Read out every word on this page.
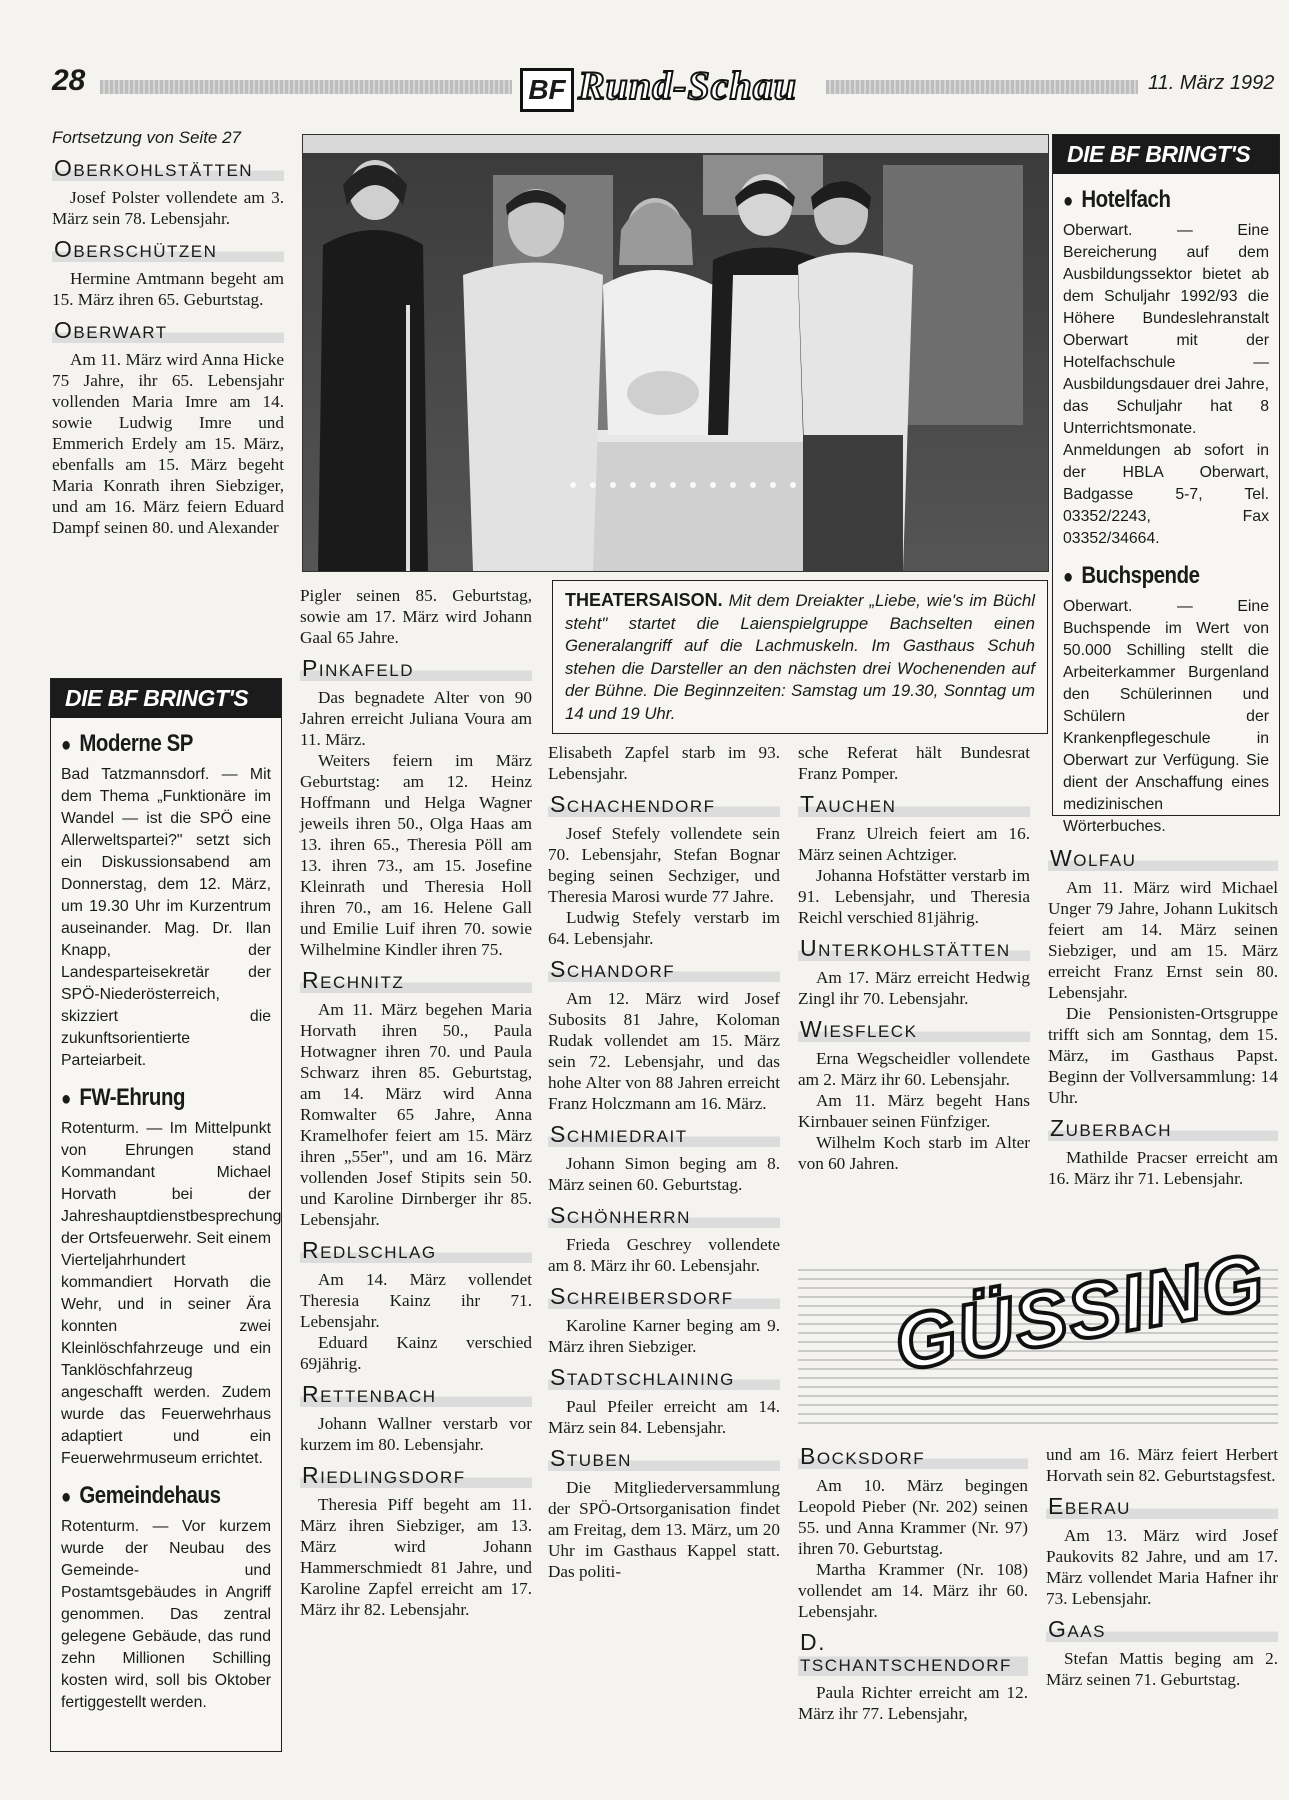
28	BF Rund-Schau	11. März 1992
Fortsetzung von Seite 27
OBERKOHLSTÄTTEN

Josef Polster vollendete am 3. März sein 78. Lebensjahr.

OBERSCHÜTZEN

Hermine Amtmann begeht am 15. März ihren 65. Geburtstag.

OBERWART

Am 11. März wird Anna Hicke 75 Jahre, ihr 65. Lebensjahr vollenden Maria Imre am 14. sowie Ludwig Imre und Emmerich Erdely am 15. März, ebenfalls am 15. März begeht Maria Konrath ihren Siebziger, und am 16. März feiern Eduard Dampf seinen 80. und Alexander

DIE BF BRINGT'S
● Moderne SP
Bad Tatzmannsdorf. — Mit dem Thema „Funktionäre im Wandel — ist die SPÖ eine Allerweltspartei?" setzt sich ein Diskussionsabend am Donnerstag, dem 12. März, um 19.30 Uhr im Kurzentrum auseinander. Mag. Dr. Ilan Knapp, der Landesparteisekretär der SPÖ-Niederösterreich, skizziert die zukunftsorientierte Parteiarbeit.
● FW-Ehrung
Rotenturm. — Im Mittelpunkt von Ehrungen stand Kommandant Michael Horvath bei der Jahreshauptdienstbesprechung der Ortsfeuerwehr. Seit einem Vierteljahrhundert kommandiert Horvath die Wehr, und in seiner Ära konnten zwei Kleinlöschfahrzeuge und ein Tanklöschfahrzeug angeschafft werden. Zudem wurde das Feuerwehrhaus adaptiert und ein Feuerwehrmuseum errichtet.
● Gemeindehaus
Rotenturm. — Vor kurzem wurde der Neubau des Gemeinde- und Postamtsgebäudes in Angriff genommen. Das zentral gelegene Gebäude, das rund zehn Millionen Schilling kosten wird, soll bis Oktober fertiggestellt werden.
THEATERSAISON. Mit dem Dreiakter „Liebe, wie's im Büchl steht" startet die Laienspielgruppe Bachselten einen Generalangriff auf die Lachmuskeln. Im Gasthaus Schuh stehen die Darsteller an den nächsten drei Wochenenden auf der Bühne. Die Beginnzeiten: Samstag um 19.30, Sonntag um 14 und 19 Uhr.

Pigler seinen 85. Geburtstag, sowie am 17. März wird Johann Gaal 65 Jahre.

PINKAFELD

Das begnadete Alter von 90 Jahren erreicht Juliana Voura am 11. März.

Weiters feiern im März Geburtstag: am 12. Heinz Hoffmann und Helga Wagner jeweils ihren 50., Olga Haas am 13. ihren 65., Theresia Pöll am 13. ihren 73., am 15. Josefine Kleinrath und Theresia Holl ihren 70., am 16. Helene Gall und Emilie Luif ihren 70. sowie Wilhelmine Kindler ihren 75.

RECHNITZ

Am 11. März begehen Maria Horvath ihren 50., Paula Hotwagner ihren 70. und Paula Schwarz ihren 85. Geburtstag, am 14. März wird Anna Romwalter 65 Jahre, Anna Kramelhofer feiert am 15. März ihren „55er", und am 16. März vollenden Josef Stipits sein 50. und Karoline Dirnberger ihr 85. Lebensjahr.

REDLSCHLAG

Am 14. März vollendet Theresia Kainz ihr 71. Lebensjahr.

Eduard Kainz verschied 69jährig.

RETTENBACH

Johann Wallner verstarb vor kurzem im 80. Lebensjahr.

RIEDLINGSDORF

Theresia Piff begeht am 11. März ihren Siebziger, am 13. März wird Johann Hammerschmiedt 81 Jahre, und Karoline Zapfel erreicht am 17. März ihr 82. Lebensjahr.

Elisabeth Zapfel starb im 93. Lebensjahr.

SCHACHENDORF

Josef Stefely vollendete sein 70. Lebensjahr, Stefan Bognar beging seinen Sechziger, und Theresia Marosi wurde 77 Jahre.

Ludwig Stefely verstarb im 64. Lebensjahr.

SCHANDORF

Am 12. März wird Josef Subosits 81 Jahre, Koloman Rudak vollendet am 15. März sein 72. Lebensjahr, und das hohe Alter von 88 Jahren erreicht Franz Holczmann am 16. März.

SCHMIEDRAIT

Johann Simon beging am 8. März seinen 60. Geburtstag.

SCHÖNHERRN

Frieda Geschrey vollendete am 8. März ihr 60. Lebensjahr.

SCHREIBERSDORF

Karoline Karner beging am 9. März ihren Siebziger.

STADTSCHLAINING

Paul Pfeiler erreicht am 14. März sein 84. Lebensjahr.

STUBEN

Die Mitgliederversammlung der SPÖ-Ortsorganisation findet am Freitag, dem 13. März, um 20 Uhr im Gasthaus Kappel statt. Das politi-

sche Referat hält Bundesrat Franz Pomper.

TAUCHEN

Franz Ulreich feiert am 16. März seinen Achtziger.

Johanna Hofstätter verstarb im 91. Lebensjahr, und Theresia Reichl verschied 81jährig.

UNTERKOHLSTÄTTEN

Am 17. März erreicht Hedwig Zingl ihr 70. Lebensjahr.

WIESFLECK

Erna Wegscheidler vollendete am 2. März ihr 60. Lebensjahr.

Am 11. März begeht Hans Kirnbauer seinen Fünfziger.

Wilhelm Koch starb im Alter von 60 Jahren.

DIE BF BRINGT'S
● Hotelfach
Oberwart. — Eine Bereicherung auf dem Ausbildungssektor bietet ab dem Schuljahr 1992/93 die Höhere Bundeslehranstalt Oberwart mit der Hotelfachschule — Ausbildungsdauer drei Jahre, das Schuljahr hat 8 Unterrichtsmonate. Anmeldungen ab sofort in der HBLA Oberwart, Badgasse 5-7, Tel. 03352/2243, Fax 03352/34664.
● Buchspende
Oberwart. — Eine Buchspende im Wert von 50.000 Schilling stellt die Arbeiterkammer Burgenland den Schülerinnen und Schülern der Krankenpflegeschule in Oberwart zur Verfügung. Sie dient der Anschaffung eines medizinischen Wörterbuches.
WOLFAU

Am 11. März wird Michael Unger 79 Jahre, Johann Lukitsch feiert am 14. März seinen Siebziger, und am 15. März erreicht Franz Ernst sein 80. Lebensjahr.

Die Pensionisten-Ortsgruppe trifft sich am Sonntag, dem 15. März, im Gasthaus Papst. Beginn der Vollversammlung: 14 Uhr.

ZUBERBACH

Mathilde Pracser erreicht am 16. März ihr 71. Lebensjahr.

GÜSSING
BOCKSDORF

Am 10. März begingen Leopold Pieber (Nr. 202) seinen 55. und Anna Krammer (Nr. 97) ihren 70. Geburtstag.

Martha Krammer (Nr. 108) vollendet am 14. März ihr 60. Lebensjahr.

D. TSCHANTSCHENDORF

Paula Richter erreicht am 12. März ihr 77. Lebensjahr,

und am 16. März feiert Herbert Horvath sein 82. Geburtstagsfest.

EBERAU

Am 13. März wird Josef Paukovits 82 Jahre, und am 17. März vollendet Maria Hafner ihr 73. Lebensjahr.

GAAS

Stefan Mattis beging am 2. März seinen 71. Geburtstag.
